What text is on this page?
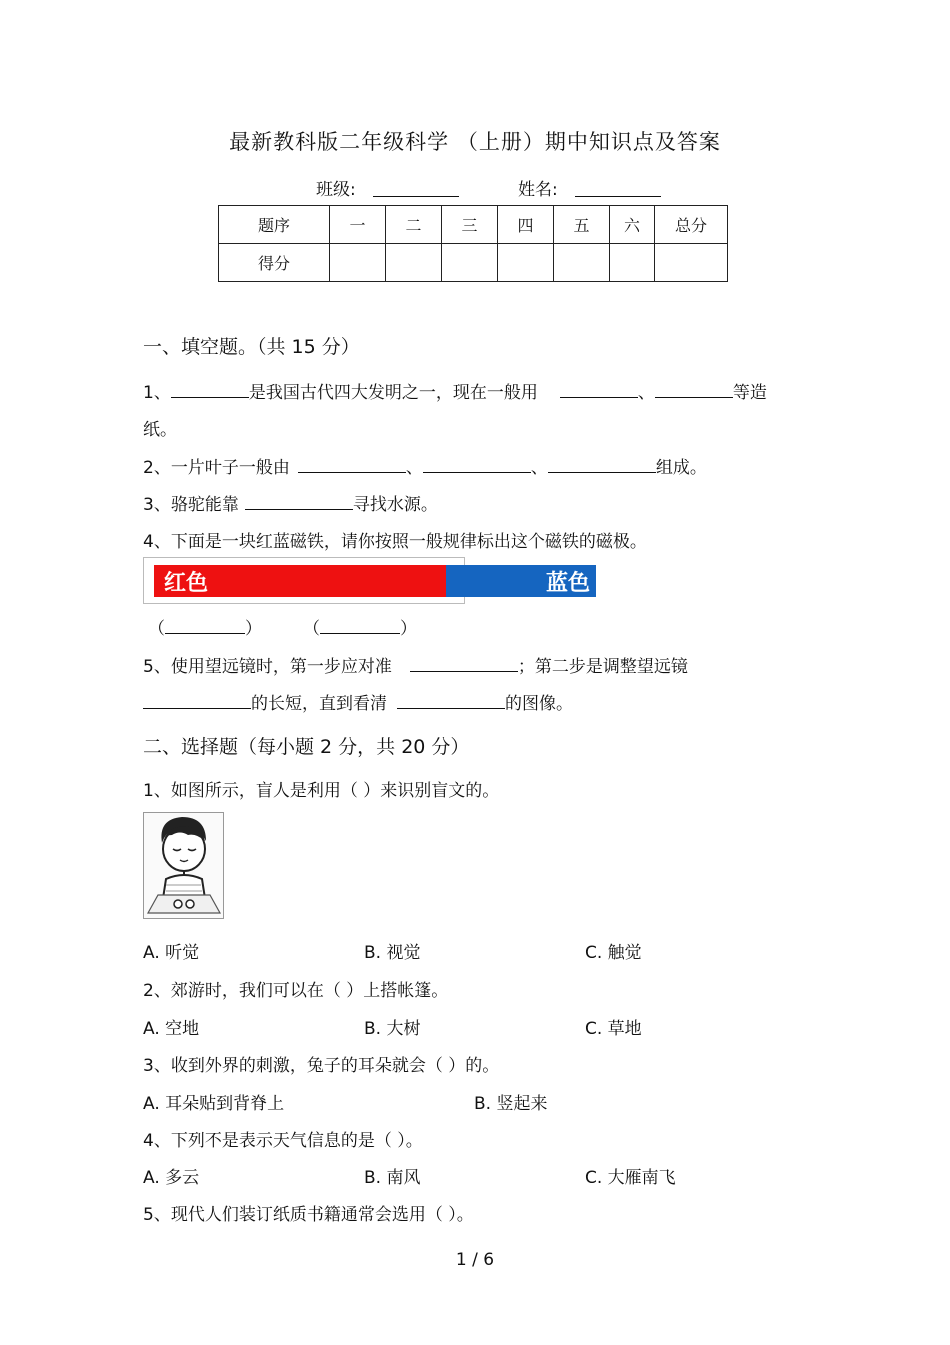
最新教科版二年级科学 （上册）期中知识点及答案
班级:	姓名:
题序	一	二	三	四	五	六	总分
得分							
一、填空题。（共 15 分）
1、	是我国古代四大发明之一，现在一般用	、	等造
纸。
2、一片叶子一般由	、	、	组成。
3、骆驼能靠	寻找水源。
4、下面是一块红蓝磁铁，请你按照一般规律标出这个磁铁的磁极。
红色	蓝色
（	） （	）
5、使用望远镜时，第一步应对准	；第二步是调整望远镜
的长短，直到看清	的图像。
二、选择题（每小题 2 分，共 20 分）
1、如图所示，盲人是利用（ ）来识别盲文的。
A. 听觉	B. 视觉	C. 触觉
2、郊游时，我们可以在（ ）上搭帐篷。
A. 空地	B. 大树	C. 草地
3、收到外界的刺激，兔子的耳朵就会（ ）的。
A. 耳朵贴到背脊上	B. 竖起来
4、下列不是表示天气信息的是（ ）。
A. 多云	B. 南风	C. 大雁南飞
5、现代人们装订纸质书籍通常会选用（ ）。
1 / 6
